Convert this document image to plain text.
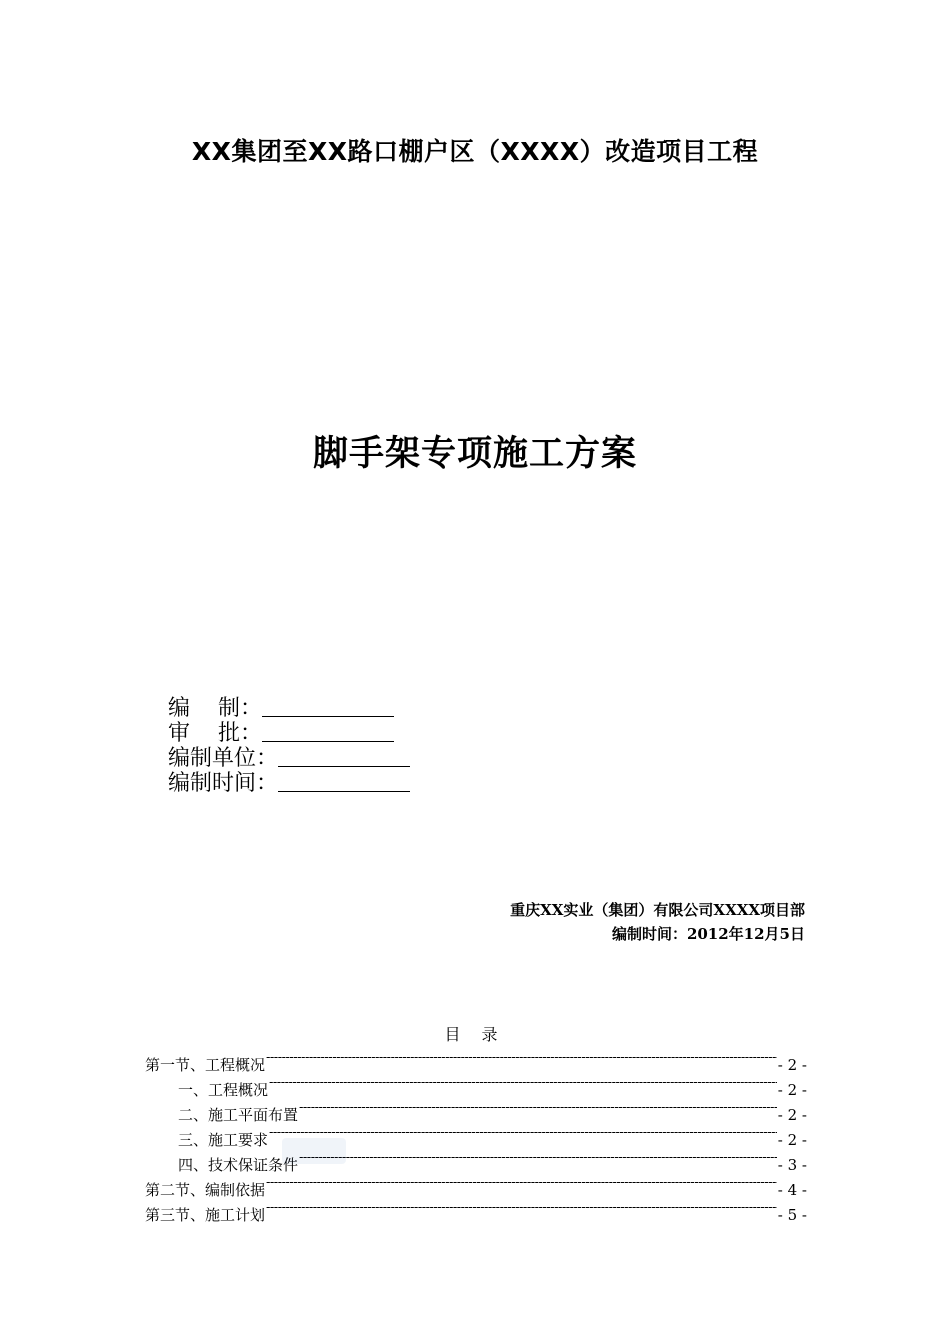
XX集团至XX路口棚户区（XXXX）改造项目工程
脚手架专项施工方案
编    制：
审    批：
编制单位：
编制时间：
重庆XX实业（集团）有限公司XXXX项目部
编制时间：2012年12月5日
目 录
第一节、工程概况 -----	- 2 -
一、工程概况 -----	- 2 -
二、施工平面布置 -----	- 2 -
三、施工要求 -----	- 2 -
四、技术保证条件 -----	- 3 -
第二节、编制依据 -----	- 4 -
第三节、施工计划 -----	- 5 -
